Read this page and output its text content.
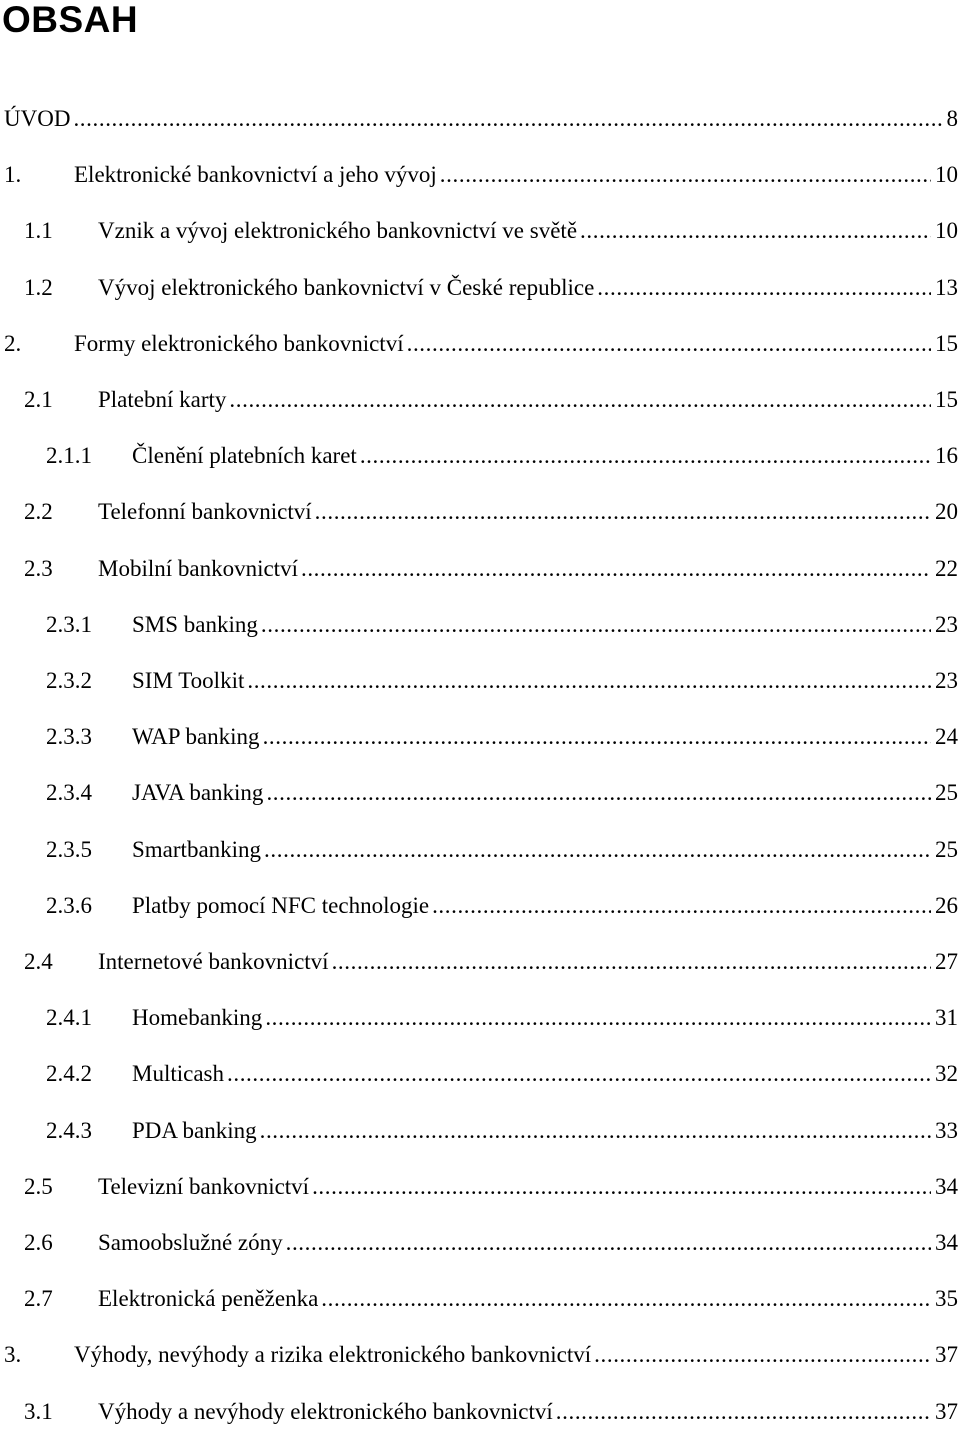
OBSAH
ÚVOD .....	8
1.	Elektronické bankovnictví a jeho vývoj .....	10
1.1	Vznik a vývoj elektronického bankovnictví ve světě .....	10
1.2	Vývoj elektronického bankovnictví v České republice .....	13
2.	Formy elektronického bankovnictví .....	15
2.1	Platební karty .....	15
2.1.1	Členění platebních karet .....	16
2.2	Telefonní bankovnictví .....	20
2.3	Mobilní bankovnictví .....	22
2.3.1	SMS banking .....	23
2.3.2	SIM Toolkit .....	23
2.3.3	WAP banking .....	24
2.3.4	JAVA banking .....	25
2.3.5	Smartbanking .....	25
2.3.6	Platby pomocí NFC technologie .....	26
2.4	Internetové bankovnictví .....	27
2.4.1	Homebanking .....	31
2.4.2	Multicash .....	32
2.4.3	PDA banking .....	33
2.5	Televizní bankovnictví .....	34
2.6	Samoobslužné zóny .....	34
2.7	Elektronická peněženka .....	35
3.	Výhody, nevýhody a rizika elektronického bankovnictví .....	37
3.1	Výhody a nevýhody elektronického bankovnictví .....	37
